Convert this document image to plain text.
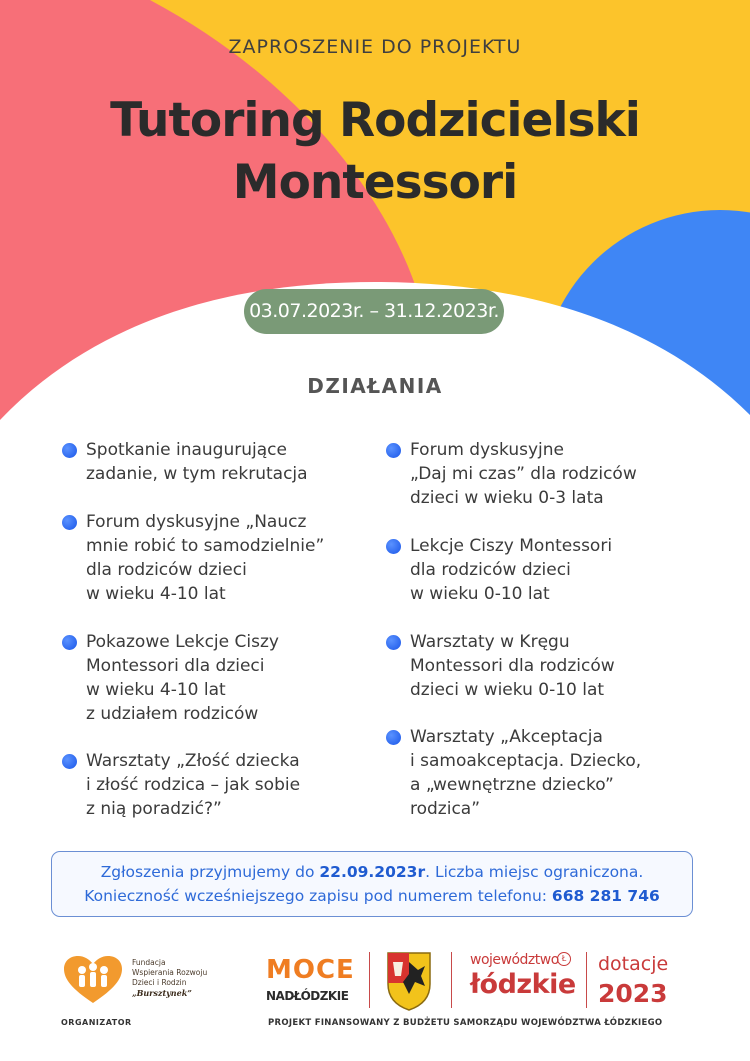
ZAPROSZENIE DO PROJEKTU
Tutoring Rodzicielski
Montessori
03.07.2023r. – 31.12.2023r.
DZIAŁANIA
Spotkanie inaugurujące
zadanie, w tym rekrutacja
Forum dyskusyjne „Naucz
mnie robić to samodzielnie”
dla rodziców dzieci
w wieku 4-10 lat
Pokazowe Lekcje Ciszy
Montessori dla dzieci
w wieku 4-10 lat
z udziałem rodziców
Warsztaty „Złość dziecka
i złość rodzica – jak sobie
z nią poradzić?”
Forum dyskusyjne
„Daj mi czas” dla rodziców
dzieci w wieku 0-3 lata
Lekcje Ciszy Montessori
dla rodziców dzieci
w wieku 0-10 lat
Warsztaty w Kręgu
Montessori dla rodziców
dzieci w wieku 0-10 lat
Warsztaty „Akceptacja
i samoakceptacja. Dziecko,
a „wewnętrzne dziecko”
rodzica”
Zgłoszenia przyjmujemy do 22.09.2023r. Liczba miejsc ograniczona.
Konieczność wcześniejszego zapisu pod numerem telefonu: 668 281 746
Fundacja
Wspierania Rozwoju
Dzieci i Rodzin
„Bursztynek”
ORGANIZATOR
MOCE
NADŁÓDZKIE
województwo
łódzkie
Ł dotacje
2023
PROJEKT FINANSOWANY Z BUDŻETU SAMORZĄDU WOJEWÓDZTWA ŁÓDZKIEGO
